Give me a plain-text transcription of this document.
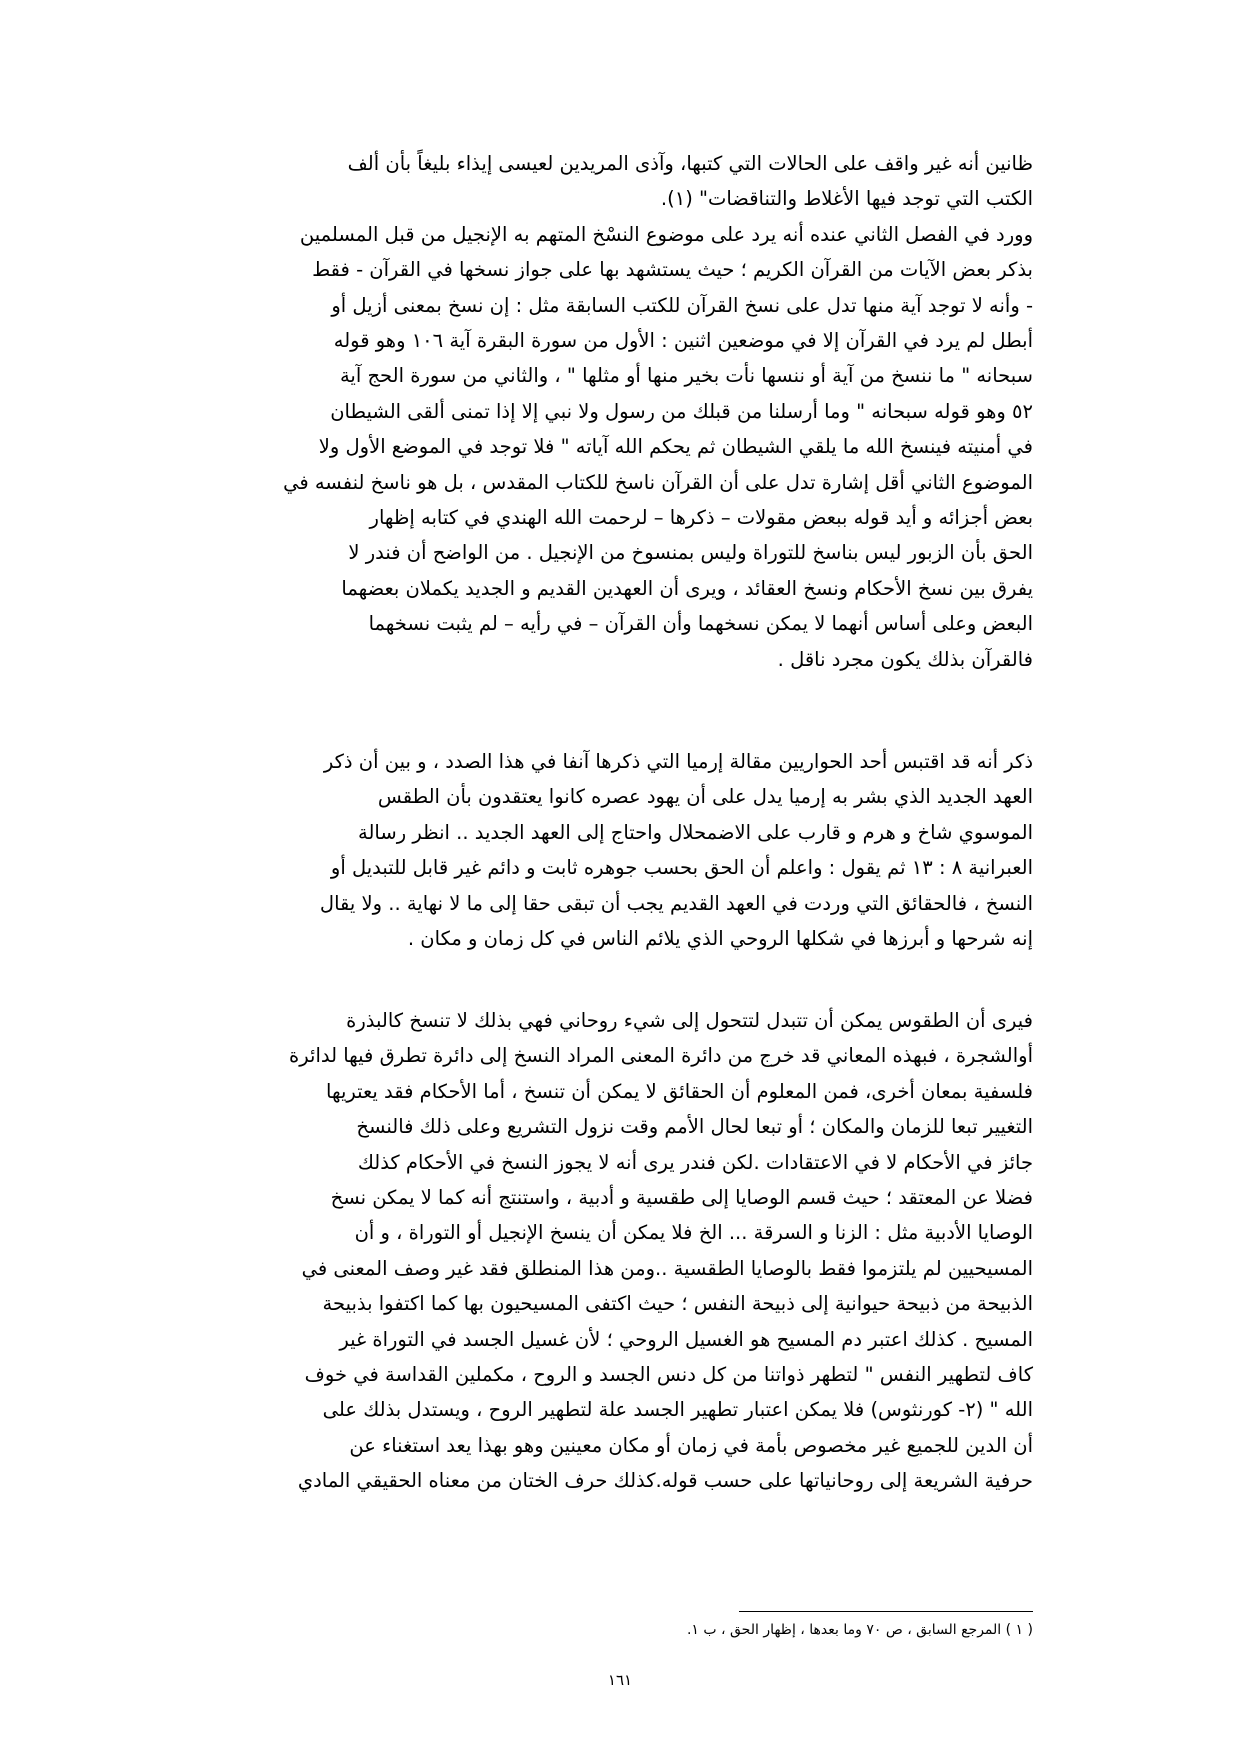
ظانين أنه غير واقف على الحالات التي كتبها، وآذى المريدين لعيسى إيذاء بليغاً بأن ألف
الكتب التي توجد فيها الأغلاط والتناقضات" (١).
وورد في الفصل الثاني عنده أنه يرد على موضوع النسْخ المتهم به الإنجيل من قبل المسلمين
بذكر بعض الآيات من القرآن الكريم ؛ حيث يستشهد بها على جواز نسخها في القرآن - فقط
- وأنه لا توجد آية منها تدل على نسخ القرآن للكتب السابقة مثل : إن نسخ بمعنى أزيل أو
أبطل لم يرد في القرآن إلا في موضعين اثنين : الأول من سورة البقرة آية ١٠٦ وهو قوله
سبحانه " ما ننسخ من آية أو ننسها نأت بخير منها أو مثلها " ، والثاني من سورة الحج آية
٥٢ وهو قوله سبحانه " وما أرسلنا من قبلك من رسول ولا نبي إلا إذا تمنى ألقى الشيطان
في أمنيته فينسخ الله ما يلقي الشيطان ثم يحكم الله آياته " فلا توجد في الموضع الأول ولا
الموضوع الثاني أقل إشارة تدل على أن القرآن ناسخ للكتاب المقدس ، بل هو ناسخ لنفسه في
بعض أجزائه و أيد قوله ببعض مقولات – ذكرها – لرحمت الله الهندي في كتابه إظهار
الحق بأن الزبور ليس بناسخ للتوراة وليس بمنسوخ من الإنجيل . من الواضح أن فندر لا
يفرق بين نسخ الأحكام ونسخ العقائد ، ويرى أن العهدين القديم و الجديد يكملان بعضهما
البعض وعلى أساس أنهما لا يمكن نسخهما وأن القرآن – في رأيه – لم يثبت نسخهما
فالقرآن بذلك يكون مجرد ناقل .

ذكر أنه قد اقتبس أحد الحواريين مقالة إرميا التي ذكرها آنفا في هذا الصدد ، و بين أن ذكر
العهد الجديد الذي بشر به إرميا يدل على أن يهود عصره كانوا يعتقدون بأن الطقس
الموسوي شاخ و هرم و قارب على الاضمحلال واحتاج إلى العهد الجديد .. انظر رسالة
العبرانية ٨ : ١٣ ثم يقول : واعلم أن الحق بحسب جوهره ثابت و دائم غير قابل للتبديل أو
النسخ ، فالحقائق التي وردت في العهد القديم يجب أن تبقى حقا إلى ما لا نهاية .. ولا يقال
إنه شرحها و أبرزها في شكلها الروحي الذي يلائم الناس في كل زمان و مكان .

فيرى أن الطقوس يمكن أن تتبدل لتتحول إلى شيء روحاني فهي بذلك لا تنسخ كالبذرة
أوالشجرة ، فبهذه المعاني قد خرج من دائرة المعنى المراد النسخ إلى دائرة تطرق فيها لدائرة
فلسفية بمعان أخرى، فمن المعلوم أن الحقائق لا يمكن أن تنسخ ، أما الأحكام فقد يعتريها
التغيير تبعا للزمان والمكان ؛ أو تبعا لحال الأمم وقت نزول التشريع وعلى ذلك فالنسخ
جائز في الأحكام لا في الاعتقادات .لكن فندر يرى أنه لا يجوز النسخ في الأحكام كذلك
فضلا عن المعتقد ؛ حيث قسم الوصايا إلى طقسية و أدبية ، واستنتج أنه كما لا يمكن نسخ
الوصايا الأدبية مثل : الزنا و السرقة ... الخ فلا يمكن أن ينسخ الإنجيل أو التوراة ، و أن
المسيحيين لم يلتزموا فقط بالوصايا الطقسية ..ومن هذا المنطلق فقد غير وصف المعنى في
الذبيحة من ذبيحة حيوانية إلى ذبيحة النفس ؛ حيث اكتفى المسيحيون بها كما اكتفوا بذبيحة
المسيح . كذلك اعتبر دم المسيح هو الغسيل الروحي ؛ لأن غسيل الجسد في التوراة غير
كاف لتطهير النفس " لتطهر ذواتنا من كل دنس الجسد و الروح ، مكملين القداسة في خوف
الله " (٢- كورنثوس) فلا يمكن اعتبار تطهير الجسد علة لتطهير الروح ، ويستدل بذلك على
أن الدين للجميع غير مخصوص بأمة في زمان أو مكان معينين وهو بهذا يعد استغناء عن
حرفية الشريعة إلى روحانياتها على حسب قوله.كذلك حرف الختان من معناه الحقيقي المادي

( ١ ) المرجع السابق ، ص ٧٠ وما بعدها ، إظهار الحق ، ب ١.
١٦١
